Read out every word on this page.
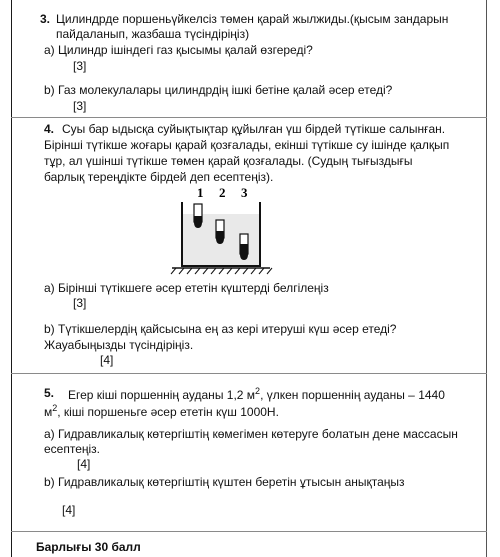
3. Цилиндрде поршеньүйкелсіз төмен қарай жылжиды.(қысым зандарын
пайдаланып, жазбаша түсіндіріңіз)
a) Цилиндр ішіндегі газ қысымы қалай өзгереді?
[3]
b) Газ молекулалары цилиндрдің ішкі бетіне қалай әсер етеді?
[3]
4. Суы бар ыдысқа суйықтықтар құйылған үш бірдей түтікше салынған.
Бірінші түтікше жоғары қарай қозғалады, екінші түтікше су ішінде қалқып
тұр, ал үшінші түтікше төмен қарай қозғалады. (Судың тығыздығы
барлық тереңдікте бірдей деп есептеңіз).
1 2 3
a) Бірінші түтікшеге әсер ететін күштерді белгілеңіз
[3]
b) Түтікшелердің қайсысына ең аз кері итеруші күш әсер етеді?
Жауабыңызды түсіндіріңіз.
[4]
5. Егер кіші поршеннің ауданы 1,2 $м^2$, үлкен поршеннің ауданы – 1440
$м^2$, кіші поршеньге әсер ететін күш 1000Н.
a) Гидравликалық көтергіштің көмегімен көтеруге болатын дене массасын
есептеңіз.
[4]
b) Гидравликалық көтергіштің күштен беретін ұтысын анықтаңыз
[4]
Барлығы 30 балл
